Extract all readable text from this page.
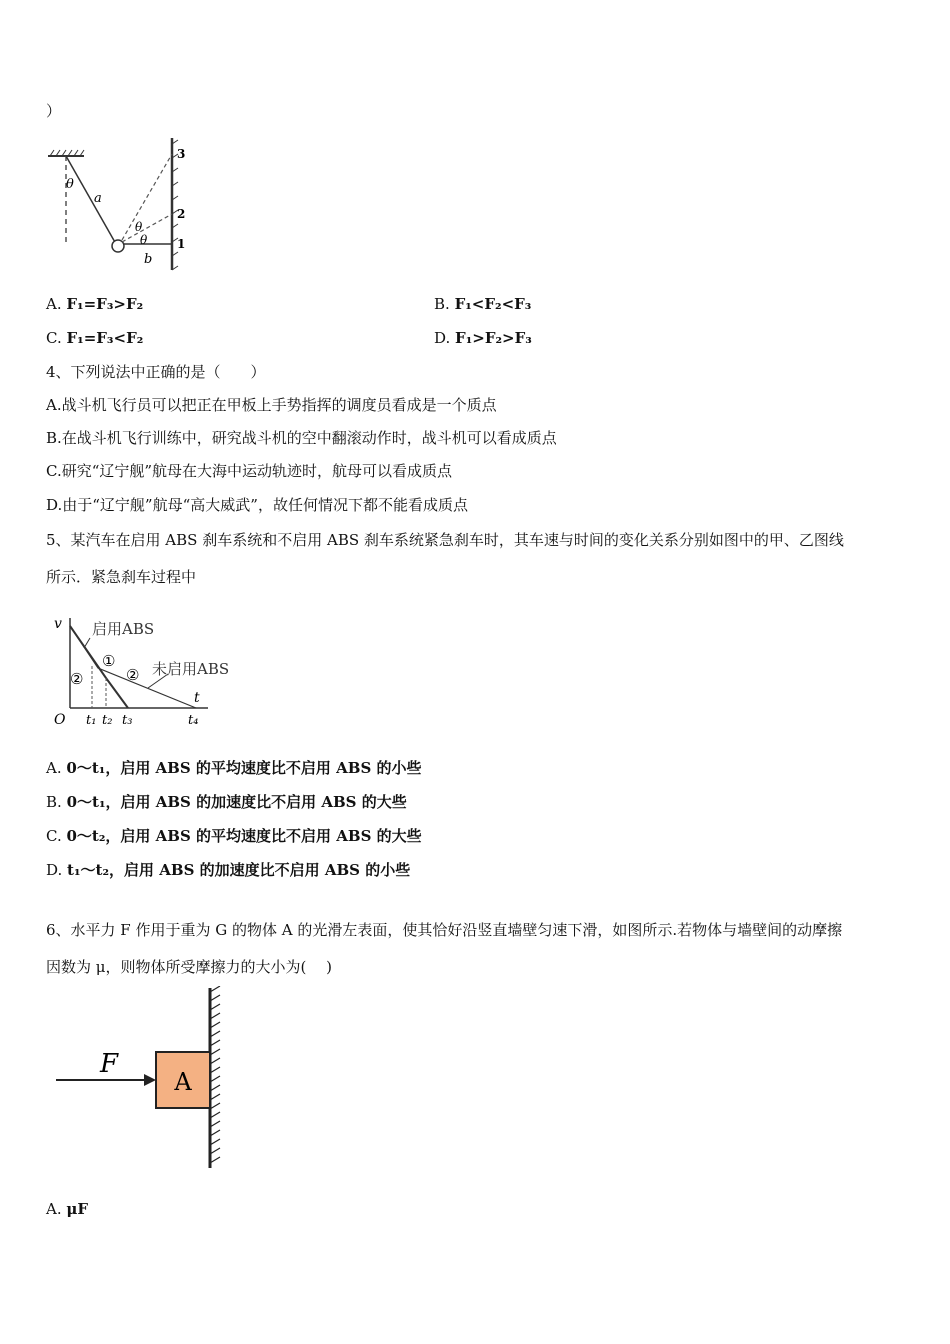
）
θ
a
θ
θ
b
3
2
1
A. F₁=F₃>F₂	B. F₁<F₂<F₃
C. F₁=F₃<F₂	D. F₁>F₂>F₃
4、下列说法中正确的是（　　）
A.战斗机飞行员可以把正在甲板上手势指挥的调度员看成是一个质点
B.在战斗机飞行训练中，研究战斗机的空中翻滚动作时，战斗机可以看成质点
C.研究“辽宁舰”航母在大海中运动轨迹时，航母可以看成质点
D.由于“辽宁舰”航母“高大威武”，故任何情况下都不能看成质点
5、某汽车在启用 ABS 刹车系统和不启用 ABS 刹车系统紧急刹车时，其车速与时间的变化关系分别如图中的甲、乙图线
所示．紧急刹车过程中
v
t
O
启用ABS
未启用ABS
①
②	②
t₁ t₂ t₃	t₄
A. 0～t₁，启用 ABS 的平均速度比不启用 ABS 的小些
B. 0～t₁，启用 ABS 的加速度比不启用 ABS 的大些
C. 0～t₂，启用 ABS 的平均速度比不启用 ABS 的大些
D. t₁～t₂，启用 ABS 的加速度比不启用 ABS 的小些
6、水平力 F 作用于重为 G 的物体 A 的光滑左表面，使其恰好沿竖直墙壁匀速下滑，如图所示.若物体与墙壁间的动摩擦
因数为 μ，则物体所受摩擦力的大小为(　 )
A
F
A. μF
